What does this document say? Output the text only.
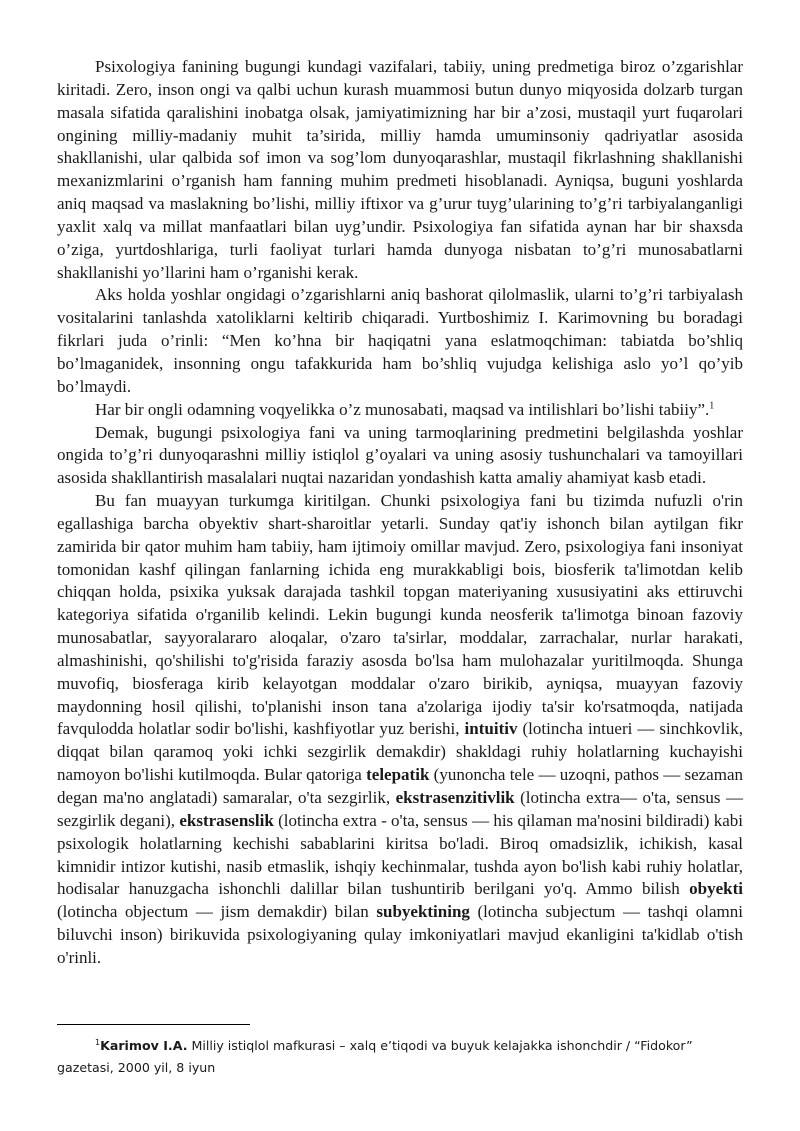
Psixologiya fanining bugungi kundagi vazifalari, tabiiy, uning predmetiga biroz o’zgarishlar kiritadi. Zero, inson ongi va qalbi uchun kurash muammosi butun dunyo miqyosida dolzarb turgan masala sifatida qaralishini inobatga olsak, jamiyatimizning har bir a’zosi, mustaqil yurt fuqarolari ongining milliy-madaniy muhit ta’sirida, milliy hamda umuminsoniy qadriyatlar asosida shakllanishi, ular qalbida sof imon va sog’lom dunyoqarashlar, mustaqil fikrlashning shakllanishi mexanizmlarini o’rganish ham fanning muhim predmeti hisoblanadi. Ayniqsa, buguni yoshlarda aniq maqsad va maslakning bo’lishi, milliy iftixor va g’urur tuyg’ularining to’g’ri tarbiyalanganligi yaxlit xalq va millat manfaatlari bilan uyg’undir. Psixologiya fan sifatida aynan har bir shaxsda o’ziga, yurtdoshlariga, turli faoliyat turlari hamda dunyoga nisbatan to’g’ri munosabatlarni shakllanishi yo’llarini ham o’rganishi kerak.

Aks holda yoshlar ongidagi o’zgarishlarni aniq bashorat qilolmaslik, ularni to’g’ri tarbiyalash vositalarini tanlashda xatoliklarni keltirib chiqaradi. Yurtboshimiz I. Karimovning bu boradagi fikrlari juda o’rinli: “Men ko’hna bir haqiqatni yana eslatmoqchiman: tabiatda bo’shliq bo’lmaganidek, insonning ongu tafakkurida ham bo’shliq vujudga kelishiga aslo yo’l qo’yib bo’lmaydi.

Har bir ongli odamning voqyelikka o’z munosabati, maqsad va intilishlari bo’lishi tabiiy”.$^1$

Demak, bugungi psixologiya fani va uning tarmoqlarining predmetini belgilashda yoshlar ongida to’g’ri dunyoqarashni milliy istiqlol g’oyalari va uning asosiy tushunchalari va tamoyillari asosida shakllantirish masalalari nuqtai nazaridan yondashish katta amaliy ahamiyat kasb etadi.

Bu fan muayyan turkumga kiritilgan. Chunki psixologiya fani bu tizimda nufuzli o'rin egallashiga barcha obyektiv shart-sharoitlar yetarli. Sunday qat'iy ishonch bilan aytilgan fikr zamirida bir qator muhim ham tabiiy, ham ijtimoiy omillar mavjud. Zero, psixologiya fani insoniyat tomonidan kashf qilingan fanlarning ichida eng murakkabligi bois, biosferik ta'limotdan kelib chiqqan holda, psixika yuksak darajada tashkil topgan materiyaning xususiyatini aks ettiruvchi kategoriya sifatida o'rganilib kelindi. Lekin bugungi kunda neosferik ta'limotga binoan fazoviy munosabatlar, sayyoralararo aloqalar, o'zaro ta'sirlar, moddalar, zarrachalar, nurlar harakati, almashinishi, qo'shilishi to'g'risida faraziy asosda bo'lsa ham mulohazalar yuritilmoqda. Shunga muvofiq, biosferaga kirib kelayotgan moddalar o'zaro birikib, ayniqsa, muayyan fazoviy maydonning hosil qilishi, to'planishi inson tana a'zolariga ijodiy ta'sir ko'rsatmoqda, natijada favqulodda holatlar sodir bo'lishi, kashfiyotlar yuz berishi, intuitiv (lotincha intueri — sinchkovlik, diqqat bilan qaramoq yoki ichki sezgirlik demakdir) shakldagi ruhiy holatlarning kuchayishi namoyon bo'lishi kutilmoqda. Bular qatoriga telepatik (yunoncha tele — uzoqni, pathos — sezaman degan ma'no anglatadi) samaralar, o'ta sezgirlik, ekstrasenzitivlik (lotincha extra— o'ta, sensus — sezgirlik degani), ekstrasenslik (lotincha extra - o'ta, sensus — his qilaman ma'nosini bildiradi) kabi psixologik holatlarning kechishi sabablarini kiritsa bo'ladi. Biroq omadsizlik, ichikish, kasal kimnidir intizor kutishi, nasib etmaslik, ishqiy kechinmalar, tushda ayon bo'lish kabi ruhiy holatlar, hodisalar hanuzgacha ishonchli dalillar bilan tushuntirib berilgani yo'q. Ammo bilish obyekti (lotincha objectum — jism demakdir) bilan subyektining (lotincha subjectum — tashqi olamni biluvchi inson) birikuvida psixologiyaning qulay imkoniyatlari mavjud ekanligini ta'kidlab o'tish o'rinli.

$^1$Karimov I.A. Milliy istiqlol mafkurasi – xalq e’tiqodi va buyuk kelajakka ishonchdir / “Fidokor” gazetasi, 2000 yil, 8 iyun
